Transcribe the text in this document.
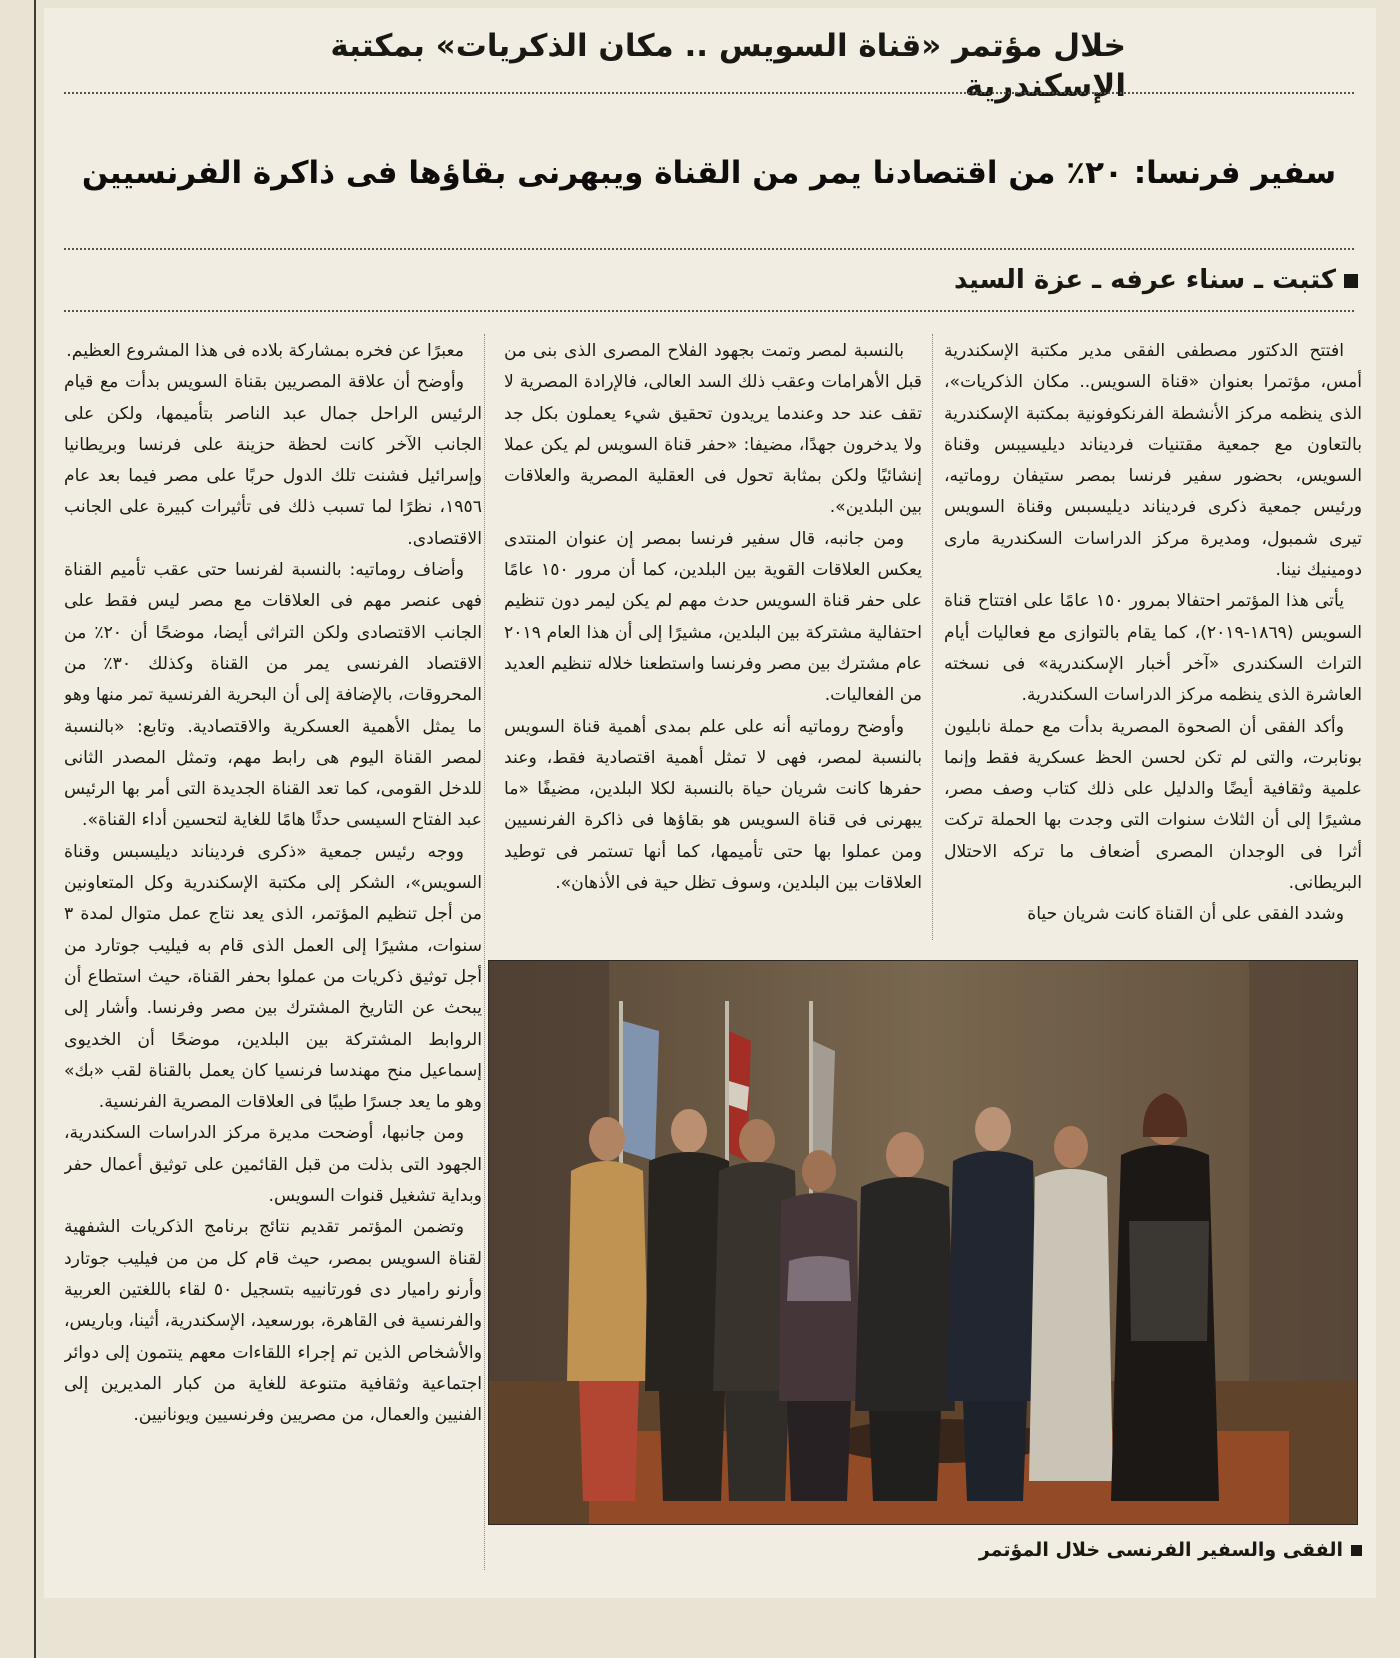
خلال مؤتمر «قناة السويس .. مكان الذكريات» بمكتبة الإسكندرية
سفير فرنسا: ٢٠٪ من اقتصادنا يمر من القناة ويبهرنى بقاؤها فى ذاكرة الفرنسيين
كتبت ـ سناء عرفه ـ عزة السيد

افتتح الدكتور مصطفى الفقى مدير مكتبة الإسكندرية أمس، مؤتمرا بعنوان «قناة السويس.. مكان الذكريات»، الذى ينظمه مركز الأنشطة الفرنكوفونية بمكتبة الإسكندرية بالتعاون مع جمعية مقتنيات فرديناند ديليسيبس وقناة السويس، بحضور سفير فرنسا بمصر ستيفان روماتيه، ورئيس جمعية ذكرى فرديناند ديليسبس وقناة السويس تيرى شمبول، ومديرة مركز الدراسات السكندرية مارى دومينيك نينا.

يأتى هذا المؤتمر احتفالا بمرور ١٥٠ عامًا على افتتاح قناة السويس (١٨٦٩-٢٠١٩)، كما يقام بالتوازى مع فعاليات أيام التراث السكندرى «آخر أخبار الإسكندرية» فى نسخته العاشرة الذى ينظمه مركز الدراسات السكندرية.

وأكد الفقى أن الصحوة المصرية بدأت مع حملة نابليون بونابرت، والتى لم تكن لحسن الحظ عسكرية فقط وإنما علمية وثقافية أيضًا والدليل على ذلك كتاب وصف مصر، مشيرًا إلى أن الثلاث سنوات التى وجدت بها الحملة تركت أثرا فى الوجدان المصرى أضعاف ما تركه الاحتلال البريطانى.

وشدد الفقى على أن القناة كانت شريان حياة

بالنسبة لمصر وتمت بجهود الفلاح المصرى الذى بنى من قبل الأهرامات وعقب ذلك السد العالى، فالإرادة المصرية لا تقف عند حد وعندما يريدون تحقيق شيء يعملون بكل جد ولا يدخرون جهدًا، مضيفا: «حفر قناة السويس لم يكن عملا إنشائيًا ولكن بمثابة تحول فى العقلية المصرية والعلاقات بين البلدين».

ومن جانبه، قال سفير فرنسا بمصر إن عنوان المنتدى يعكس العلاقات القوية بين البلدين، كما أن مرور ١٥٠ عامًا على حفر قناة السويس حدث مهم لم يكن ليمر دون تنظيم احتفالية مشتركة بين البلدين، مشيرًا إلى أن هذا العام ٢٠١٩ عام مشترك بين مصر وفرنسا واستطعنا خلاله تنظيم العديد من الفعاليات.

وأوضح روماتيه أنه على علم بمدى أهمية قناة السويس بالنسبة لمصر، فهى لا تمثل أهمية اقتصادية فقط، وعند حفرها كانت شريان حياة بالنسبة لكلا البلدين، مضيفًا «ما يبهرنى فى قناة السويس هو بقاؤها فى ذاكرة الفرنسيين ومن عملوا بها حتى تأميمها، كما أنها تستمر فى توطيد العلاقات بين البلدين، وسوف تظل حية فى الأذهان».

معبرًا عن فخره بمشاركة بلاده فى هذا المشروع العظيم.

وأوضح أن علاقة المصريين بقناة السويس بدأت مع قيام الرئيس الراحل جمال عبد الناصر بتأميمها، ولكن على الجانب الآخر كانت لحظة حزينة على فرنسا وبريطانيا وإسرائيل فشنت تلك الدول حربًا على مصر فيما بعد عام ١٩٥٦، نظرًا لما تسبب ذلك فى تأثيرات كبيرة على الجانب الاقتصادى.

وأضاف روماتيه: بالنسبة لفرنسا حتى عقب تأميم القناة فهى عنصر مهم فى العلاقات مع مصر ليس فقط على الجانب الاقتصادى ولكن التراثى أيضا، موضحًا أن ٢٠٪ من الاقتصاد الفرنسى يمر من القناة وكذلك ٣٠٪ من المحروقات، بالإضافة إلى أن البحرية الفرنسية تمر منها وهو ما يمثل الأهمية العسكرية والاقتصادية. وتابع: «بالنسبة لمصر القناة اليوم هى رابط مهم، وتمثل المصدر الثانى للدخل القومى، كما تعد القناة الجديدة التى أمر بها الرئيس عبد الفتاح السيسى حدثًا هامًا للغاية لتحسين أداء القناة».

ووجه رئيس جمعية «ذكرى فرديناند ديليسبس وقناة السويس»، الشكر إلى مكتبة الإسكندرية وكل المتعاونين من أجل تنظيم المؤتمر، الذى يعد نتاج عمل متوال لمدة ٣ سنوات، مشيرًا إلى العمل الذى قام به فيليب جوتارد من أجل توثيق ذكريات من عملوا بحفر القناة، حيث استطاع أن يبحث عن التاريخ المشترك بين مصر وفرنسا. وأشار إلى الروابط المشتركة بين البلدين، موضحًا أن الخديوى إسماعيل منح مهندسا فرنسيا كان يعمل بالقناة لقب «بك» وهو ما يعد جسرًا طيبًا فى العلاقات المصرية الفرنسية.

ومن جانبها، أوضحت مديرة مركز الدراسات السكندرية، الجهود التى بذلت من قبل القائمين على توثيق أعمال حفر وبداية تشغيل قنوات السويس.

وتضمن المؤتمر تقديم نتائج برنامج الذكريات الشفهية لقناة السويس بمصر، حيث قام كل من من فيليب جوتارد وأرنو راميار دى فورتانييه بتسجيل ٥٠ لقاء باللغتين العربية والفرنسية فى القاهرة، بورسعيد، الإسكندرية، أثينا، وباريس، والأشخاص الذين تم إجراء اللقاءات معهم ينتمون إلى دوائر اجتماعية وثقافية متنوعة للغاية من كبار المديرين إلى الفنيين والعمال، من مصريين وفرنسيين ويونانيين.

الفقى والسفير الفرنسى خلال المؤتمر
